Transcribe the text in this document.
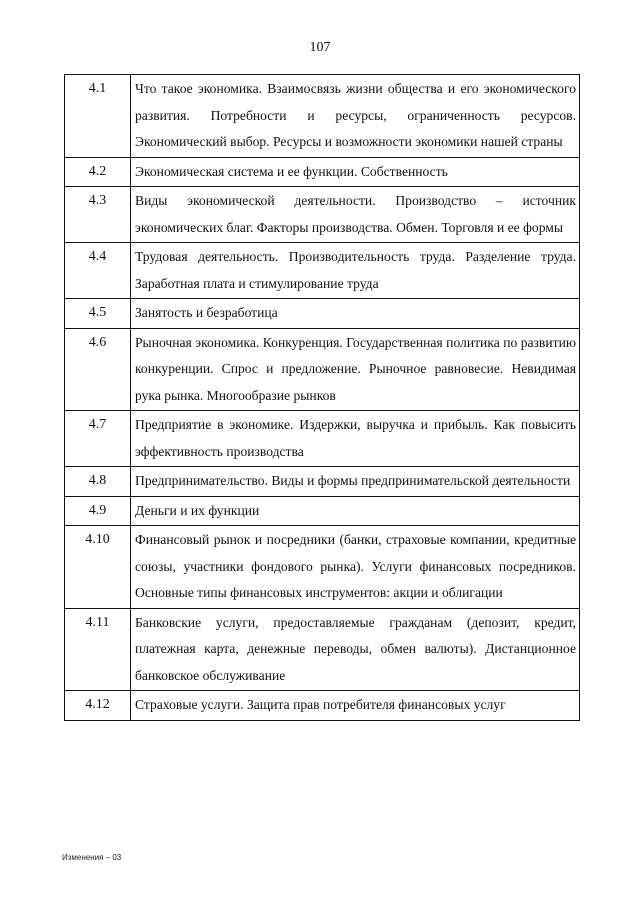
107
4.1	Что такое экономика. Взаимосвязь жизни общества и его экономического развития. Потребности и ресурсы, ограниченность ресурсов. Экономический выбор. Ресурсы и возможности экономики нашей страны
4.2	Экономическая система и ее функции. Собственность
4.3	Виды экономической деятельности. Производство – источник экономических благ. Факторы производства. Обмен. Торговля и ее формы
4.4	Трудовая деятельность. Производительность труда. Разделение труда. Заработная плата и стимулирование труда
4.5	Занятость и безработица
4.6	Рыночная экономика. Конкуренция. Государственная политика по развитию конкуренции. Спрос и предложение. Рыночное равновесие. Невидимая рука рынка. Многообразие рынков
4.7	Предприятие в экономике. Издержки, выручка и прибыль. Как повысить эффективность производства
4.8	Предпринимательство. Виды и формы предпринимательской деятельности
4.9	Деньги и их функции
4.10	Финансовый рынок и посредники (банки, страховые компании, кредитные союзы, участники фондового рынка). Услуги финансовых посредников. Основные типы финансовых инструментов: акции и облигации
4.11	Банковские услуги, предоставляемые гражданам (депозит, кредит, платежная карта, денежные переводы, обмен валюты). Дистанционное банковское обслуживание
4.12	Страховые услуги. Защита прав потребителя финансовых услуг
Изменения – 03
